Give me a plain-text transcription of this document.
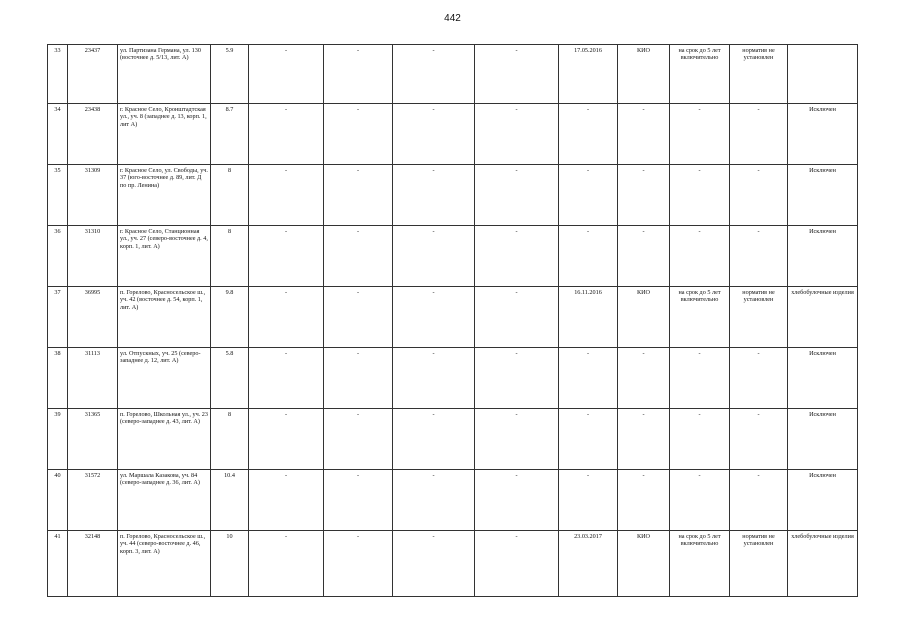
442
33	23437	ул. Партизана Германа, ул. 130 (восточнее д. 5/13, лит. А)	5.9	-	-	-	-	17.05.2016	КИО	на срок до 5 лет включительно	норматив не установлен	
34	23438	г. Красное Село, Кронштадтская ул., уч. 8 (западнее д. 13, корп. 1, лит А)	8.7	-	-	-	-	-	-	-	-	Исключен
35	31309	г. Красное Село, ул. Свободы, уч. 37 (юго-восточнее д. 89, лит. Д по пр. Ленина)	8	-	-	-	-	-	-	-	-	Исключен
36	31310	г. Красное Село, Станционная ул., уч. 27 (северо-восточнее д. 4, корп. 1, лит. А)	8	-	-	-	-	-	-	-	-	Исключен
37	36995	п. Горелово, Красносельское ш., уч. 42 (восточнее д. 54, корп. 1, лит. А)	9.8	-	-	-	-	16.11.2016	КИО	на срок до 5 лет включительно	норматив не установлен	хлебобулочные изделия
38	31113	ул. Отпускных, уч. 25 (северо-западнее д. 12, лит. А)	5.8	-	-	-	-	-	-	-	-	Исключен
39	31365	п. Горелово, Школьная ул., уч. 23 (северо-западнее д. 43, лит. А)	8	-	-	-	-	-	-	-	-	Исключен
40	31572	ул. Маршала Казакова, уч. 84 (северо-западнее д. 36, лит. А)	10.4	-	-	-	-	-	-	-	-	Исключен
41	32148	п. Горелово, Красносельское ш., уч. 44 (северо-восточнее д. 46, корп. 3, лит. А)	10	-	-	-	-	23.03.2017	КИО	на срок до 5 лет включительно	норматив не установлен	хлебобулочные изделия
